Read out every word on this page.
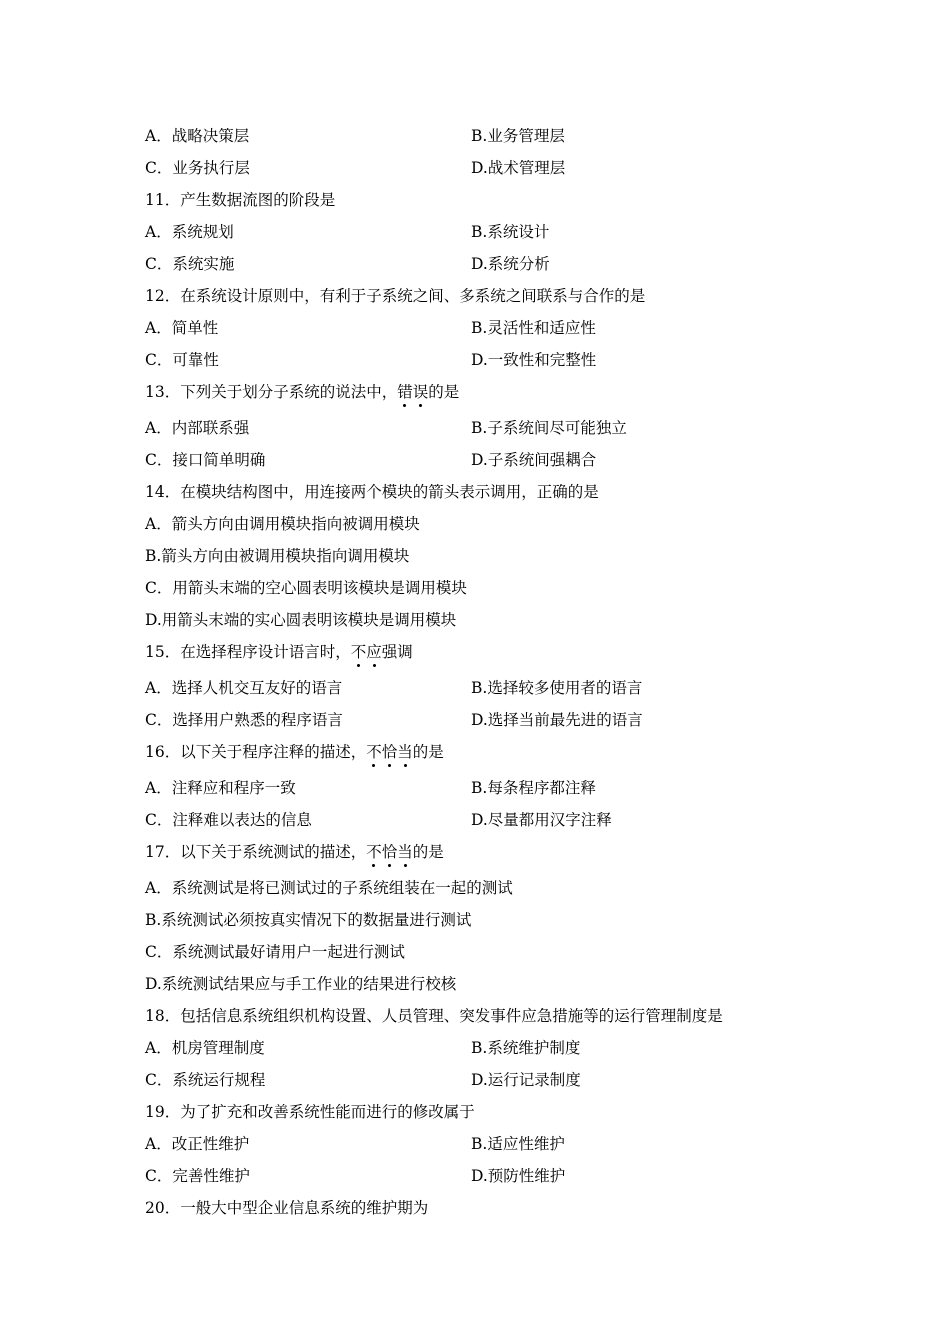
A．战略决策层	B.业务管理层
C．业务执行层	D.战术管理层
11．产生数据流图的阶段是
A．系统规划	B.系统设计
C．系统实施	D.系统分析
12．在系统设计原则中，有利于子系统之间、多系统之间联系与合作的是
A．简单性	B.灵活性和适应性
C．可靠性	D.一致性和完整性
13．下列关于划分子系统的说法中，错误的是
A．内部联系强	B.子系统间尽可能独立
C．接口简单明确	D.子系统间强耦合
14．在模块结构图中，用连接两个模块的箭头表示调用，正确的是
A．箭头方向由调用模块指向被调用模块
B.箭头方向由被调用模块指向调用模块
C．用箭头末端的空心圆表明该模块是调用模块
D.用箭头末端的实心圆表明该模块是调用模块
15．在选择程序设计语言时，不应强调
A．选择人机交互友好的语言	B.选择较多使用者的语言
C．选择用户熟悉的程序语言	D.选择当前最先进的语言
16．以下关于程序注释的描述，不恰当的是
A．注释应和程序一致	B.每条程序都注释
C．注释难以表达的信息	D.尽量都用汉字注释
17．以下关于系统测试的描述，不恰当的是
A．系统测试是将已测试过的子系统组装在一起的测试
B.系统测试必须按真实情况下的数据量进行测试
C．系统测试最好请用户一起进行测试
D.系统测试结果应与手工作业的结果进行校核
18．包括信息系统组织机构设置、人员管理、突发事件应急措施等的运行管理制度是
A．机房管理制度	B.系统维护制度
C．系统运行规程	D.运行记录制度
19．为了扩充和改善系统性能而进行的修改属于
A．改正性维护	B.适应性维护
C．完善性维护	D.预防性维护
20．一般大中型企业信息系统的维护期为
